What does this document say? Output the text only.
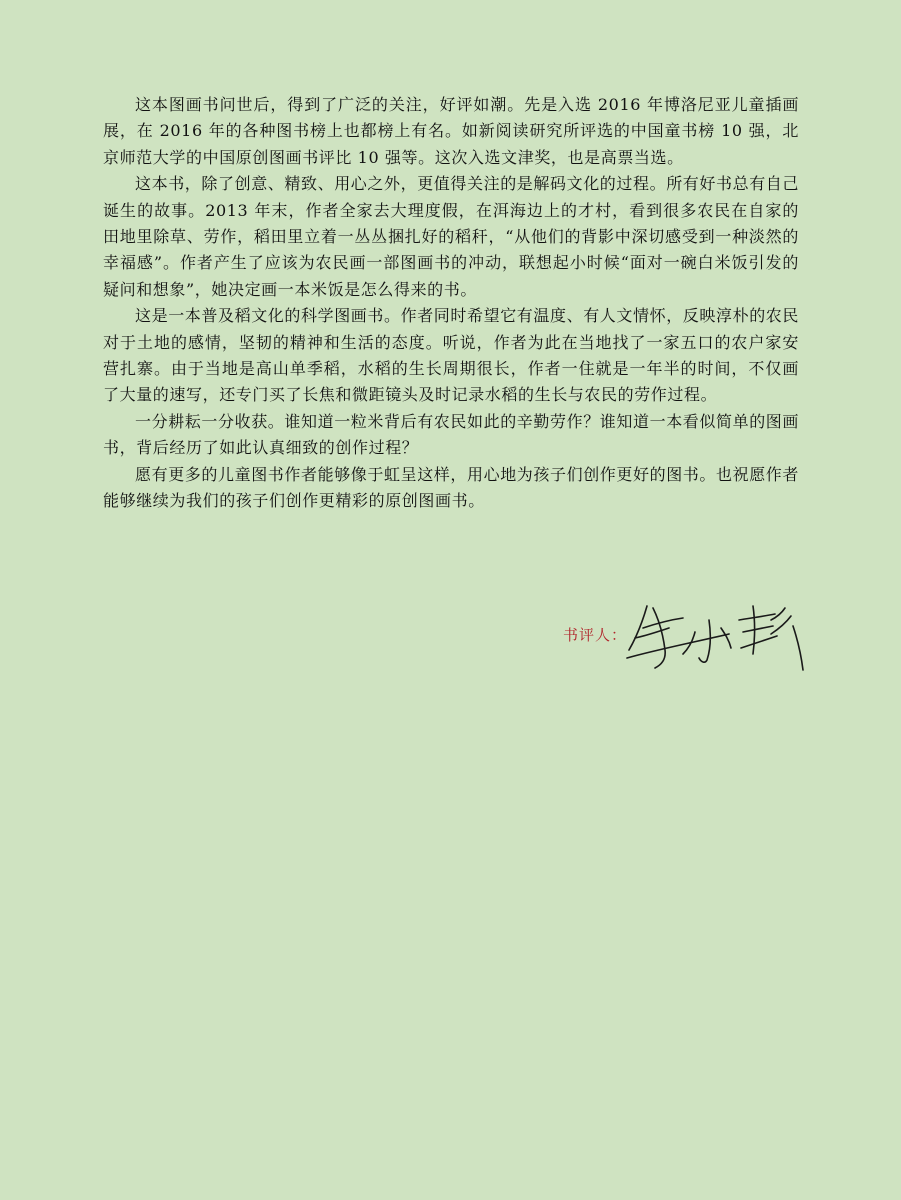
这本图画书问世后，得到了广泛的关注，好评如潮。先是入选 2016 年博洛尼亚儿童插画展，在 2016 年的各种图书榜上也都榜上有名。如新阅读研究所评选的中国童书榜 10 强，北京师范大学的中国原创图画书评比 10 强等。这次入选文津奖，也是高票当选。

这本书，除了创意、精致、用心之外，更值得关注的是解码文化的过程。所有好书总有自己诞生的故事。2013 年末，作者全家去大理度假，在洱海边上的才村，看到很多农民在自家的田地里除草、劳作，稻田里立着一丛丛捆扎好的稻秆，“从他们的背影中深切感受到一种淡然的幸福感”。作者产生了应该为农民画一部图画书的冲动，联想起小时候“面对一碗白米饭引发的疑问和想象”，她决定画一本米饭是怎么得来的书。

这是一本普及稻文化的科学图画书。作者同时希望它有温度、有人文情怀，反映淳朴的农民对于土地的感情，坚韧的精神和生活的态度。听说，作者为此在当地找了一家五口的农户家安营扎寨。由于当地是高山单季稻，水稻的生长周期很长，作者一住就是一年半的时间，不仅画了大量的速写，还专门买了长焦和微距镜头及时记录水稻的生长与农民的劳作过程。

一分耕耘一分收获。谁知道一粒米背后有农民如此的辛勤劳作？谁知道一本看似简单的图画书，背后经历了如此认真细致的创作过程？

愿有更多的儿童图书作者能够像于虹呈这样，用心地为孩子们创作更好的图书。也祝愿作者能够继续为我们的孩子们创作更精彩的原创图画书。

书评人：
